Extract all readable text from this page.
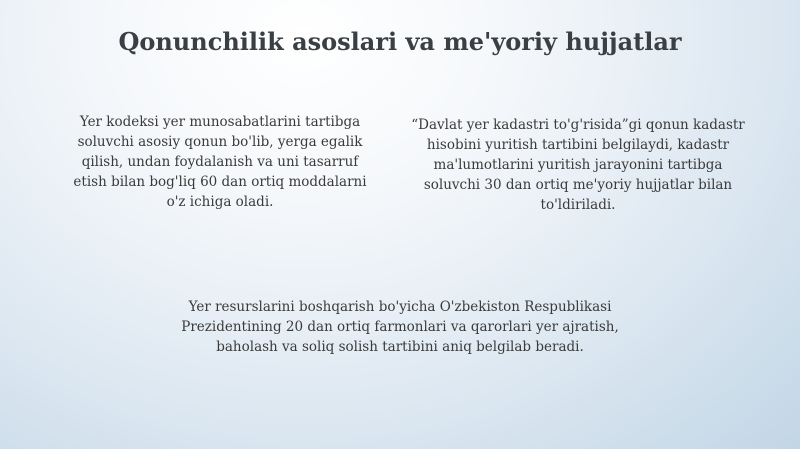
Qonunchilik asoslari va me'yoriy hujjatlar
Yer kodeksi yer munosabatlarini tartibga
soluvchi asosiy qonun bo'lib, yerga egalik
qilish, undan foydalanish va uni tasarruf
etish bilan bog'liq 60 dan ortiq moddalarni
o'z ichiga oladi.
“Davlat yer kadastri to'g'risida”gi qonun kadastr
hisobini yuritish tartibini belgilaydi, kadastr
ma'lumotlarini yuritish jarayonini tartibga
soluvchi 30 dan ortiq me'yoriy hujjatlar bilan
to'ldiriladi.
Yer resurslarini boshqarish bo'yicha O'zbekiston Respublikasi
Prezidentining 20 dan ortiq farmonlari va qarorlari yer ajratish,
baholash va soliq solish tartibini aniq belgilab beradi.
